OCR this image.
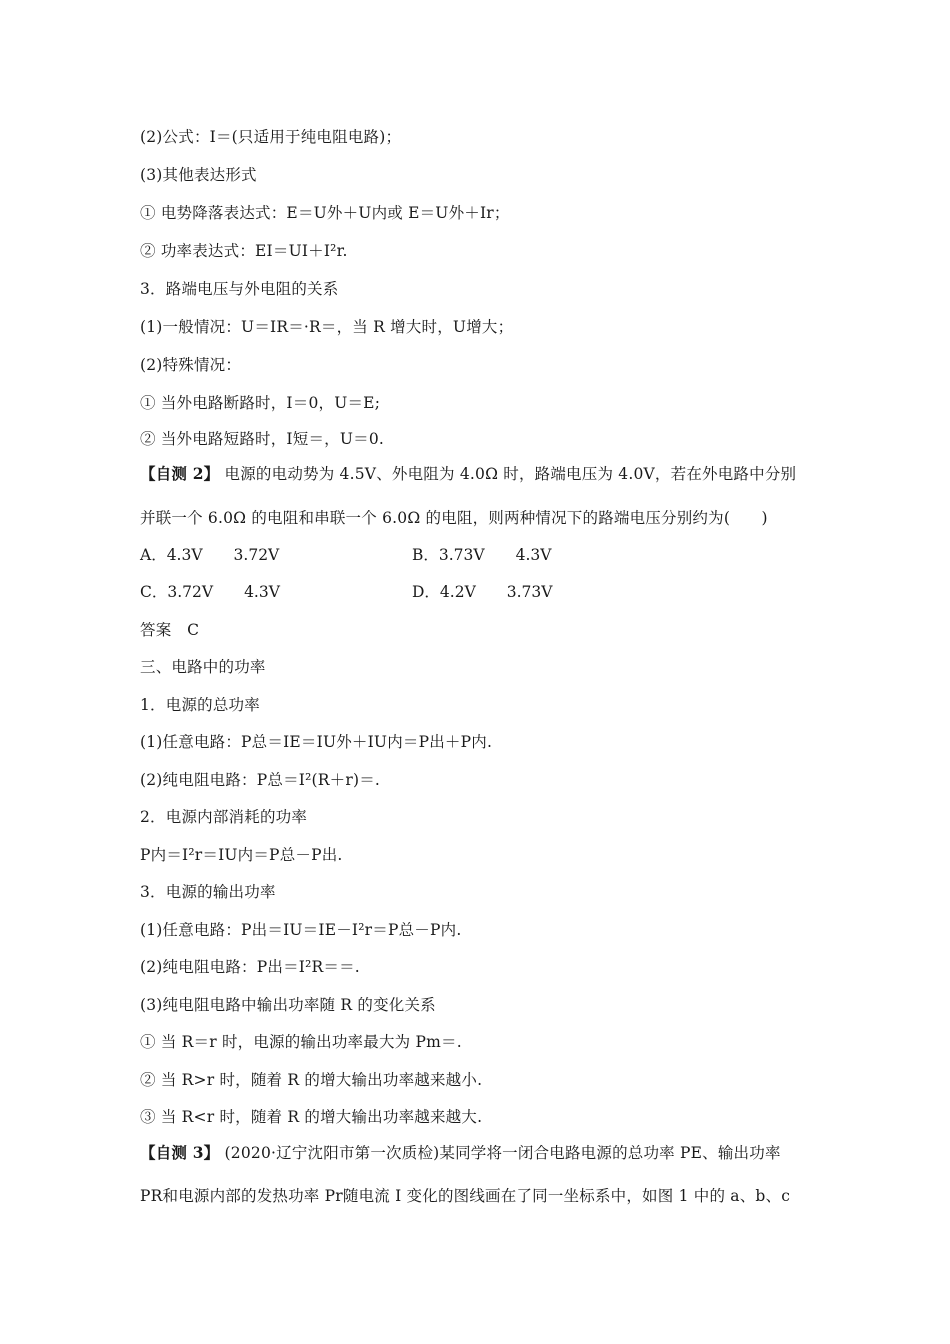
(2)公式：I＝(只适用于纯电阻电路)；
(3)其他表达形式
① 电势降落表达式：E＝U外＋U内或 E＝U外＋Ir；
② 功率表达式：EI＝UI＋I²r.
3．路端电压与外电阻的关系
(1)一般情况：U＝IR＝·R＝，当 R 增大时，U增大；
(2)特殊情况：
① 当外电路断路时，I＝0，U＝E;
② 当外电路短路时，I短＝，U＝0.
【自测 2】 电源的电动势为 4.5V、外电阻为 4.0Ω 时，路端电压为 4.0V，若在外电路中分别
并联一个 6.0Ω 的电阻和串联一个 6.0Ω 的电阻，则两种情况下的路端电压分别约为(　　)
A．4.3V　　3.72V	B．3.73V　　4.3V
C．3.72V　　4.3V	D．4.2V　　3.73V
答案　C
三、电路中的功率
1．电源的总功率
(1)任意电路：P总＝IE＝IU外＋IU内＝P出＋P内.
(2)纯电阻电路：P总＝I²(R＋r)＝.
2．电源内部消耗的功率
P内＝I²r＝IU内＝P总－P出.
3．电源的输出功率
(1)任意电路：P出＝IU＝IE－I²r＝P总－P内.
(2)纯电阻电路：P出＝I²R＝＝.
(3)纯电阻电路中输出功率随 R 的变化关系
① 当 R＝r 时，电源的输出功率最大为 Pm＝.
② 当 R>r 时，随着 R 的增大输出功率越来越小.
③ 当 R<r 时，随着 R 的增大输出功率越来越大.
【自测 3】 (2020·辽宁沈阳市第一次质检)某同学将一闭合电路电源的总功率 PE、输出功率
PR和电源内部的发热功率 Pr随电流 I 变化的图线画在了同一坐标系中，如图 1 中的 a、b、c
